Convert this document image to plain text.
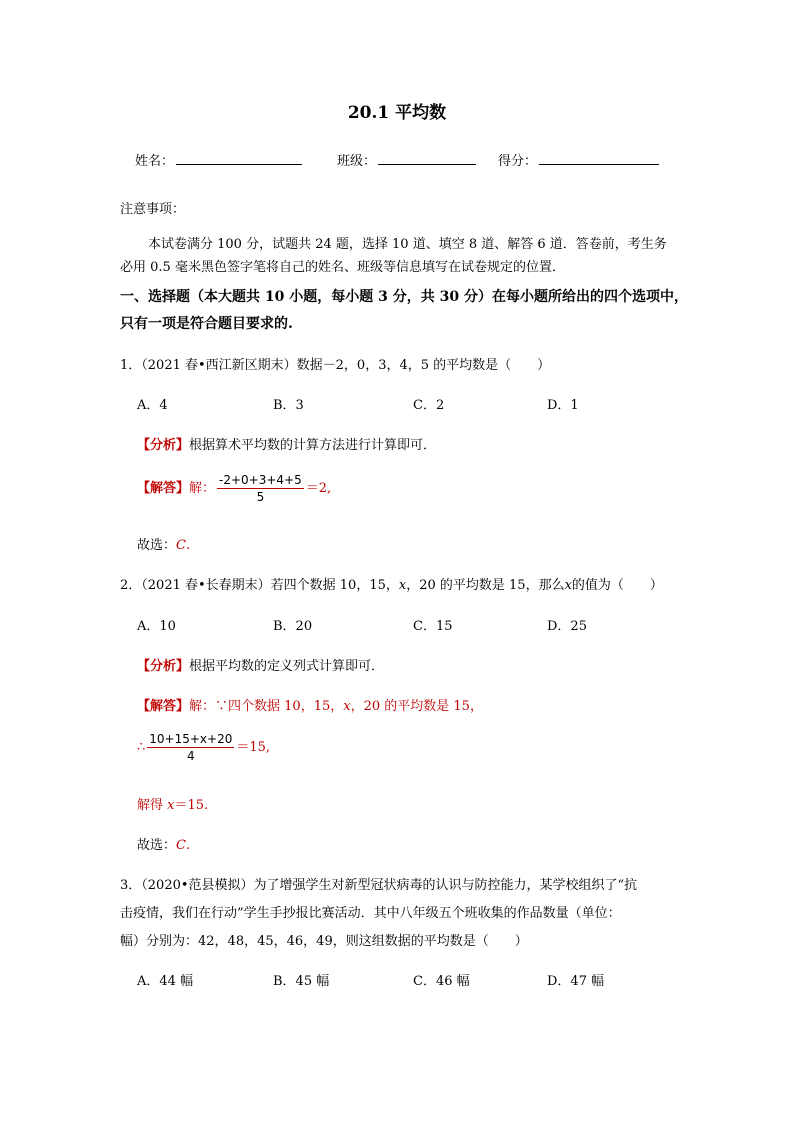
20.1 平均数
姓名：	班级：	得分：
注意事项：
本试卷满分 100 分，试题共 24 题，选择 10 道、填空 8 道、解答 6 道．答卷前，考生务
必用 0.5 毫米黑色签字笔将自己的姓名、班级等信息填写在试卷规定的位置．
一、选择题（本大题共 10 小题，每小题 3 分，共 30 分）在每小题所给出的四个选项中，
只有一项是符合题目要求的.
1．（2021 春•西江新区期末）数据－2，0，3，4，5 的平均数是（　　）
A．4	B．3	C．2	D．1
【分析】根据算术平均数的计算方法进行计算即可．
【解答】解： $\frac{-2+0+3+4+5}{5} =2$,
故选：C.
2．（2021 春•长春期末）若四个数据 10，15，x，20 的平均数是 15，那么x的值为（　　）
A．10	B．20	C．15	D．25
【分析】根据平均数的定义列式计算即可．
【解答】解：∵四个数据 10，15，x，20 的平均数是 15，
∴ $\frac{10+15+x+20}{4} =15$,
解得 x＝15.
故选：C.
3．（2020•范县模拟）为了增强学生对新型冠状病毒的认识与防控能力，某学校组织了“抗
击疫情，我们在行动”学生手抄报比赛活动．其中八年级五个班收集的作品数量（单位：
幅）分别为：42，48，45，46，49，则这组数据的平均数是（　　）
A．44 幅	B．45 幅	C．46 幅	D．47 幅
